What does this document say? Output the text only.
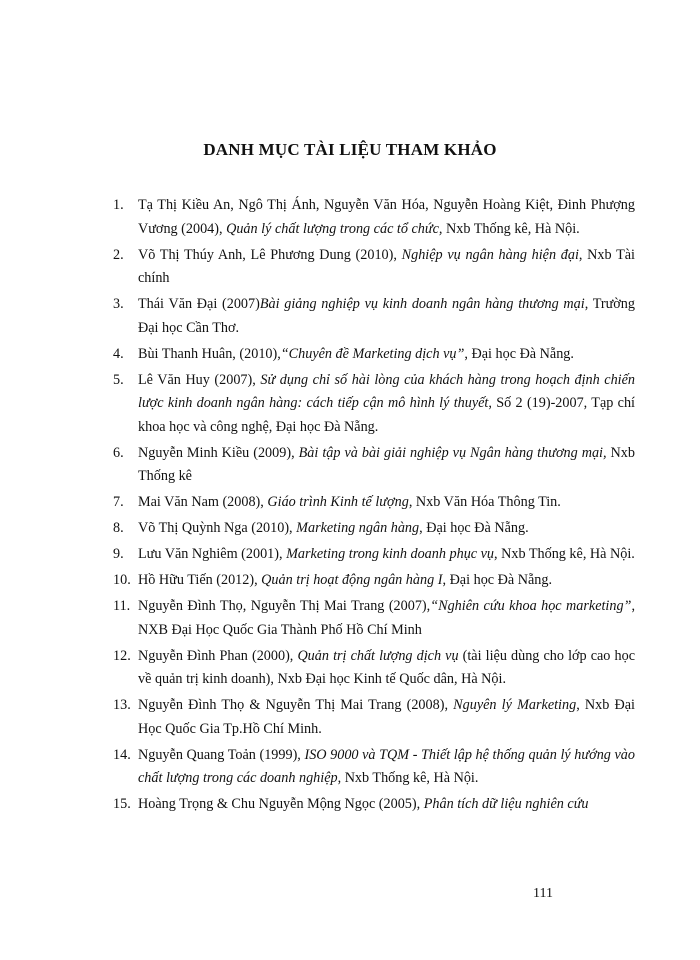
DANH MỤC TÀI LIỆU THAM KHẢO
1. Tạ Thị Kiều An, Ngô Thị Ánh, Nguyễn Văn Hóa, Nguyễn Hoàng Kiệt, Đinh Phượng Vương (2004), Quản lý chất lượng trong các tổ chức, Nxb Thống kê, Hà Nội.
2. Võ Thị Thúy Anh, Lê Phương Dung (2010), Nghiệp vụ ngân hàng hiện đại, Nxb Tài chính
3. Thái Văn Đại (2007)Bài giảng nghiệp vụ kinh doanh ngân hàng thương mại, Trường Đại học Cần Thơ.
4. Bùi Thanh Huân, (2010),“Chuyên đề Marketing dịch vụ”, Đại học Đà Nẵng.
5. Lê Văn Huy (2007), Sử dụng chỉ số hài lòng của khách hàng trong hoạch định chiến lược kinh doanh ngân hàng: cách tiếp cận mô hình lý thuyết, Số 2 (19)-2007, Tạp chí khoa học và công nghệ, Đại học Đà Nẵng.
6. Nguyễn Minh Kiều (2009), Bài tập và bài giải nghiệp vụ Ngân hàng thương mại, Nxb Thống kê
7. Mai Văn Nam (2008), Giáo trình Kinh tế lượng, Nxb Văn Hóa Thông Tin.
8. Võ Thị Quỳnh Nga (2010), Marketing ngân hàng, Đại học Đà Nẵng.
9. Lưu Văn Nghiêm (2001), Marketing trong kinh doanh phục vụ, Nxb Thống kê, Hà Nội.
10. Hồ Hữu Tiến (2012), Quản trị hoạt động ngân hàng I, Đại học Đà Nẵng.
11. Nguyễn Đình Thọ, Nguyễn Thị Mai Trang (2007),“Nghiên cứu khoa học marketing”, NXB Đại Học Quốc Gia Thành Phố Hồ Chí Minh
12. Nguyễn Đình Phan (2000), Quản trị chất lượng dịch vụ (tài liệu dùng cho lớp cao học về quản trị kinh doanh), Nxb Đại học Kinh tế Quốc dân, Hà Nội.
13. Nguyễn Đình Thọ & Nguyễn Thị Mai Trang (2008), Nguyên lý Marketing, Nxb Đại Học Quốc Gia Tp.Hồ Chí Minh.
14. Nguyễn Quang Toản (1999), ISO 9000 và TQM - Thiết lập hệ thống quản lý hướng vào chất lượng trong các doanh nghiệp, Nxb Thống kê, Hà Nội.
15. Hoàng Trọng & Chu Nguyễn Mộng Ngọc (2005), Phân tích dữ liệu nghiên cứu
111
